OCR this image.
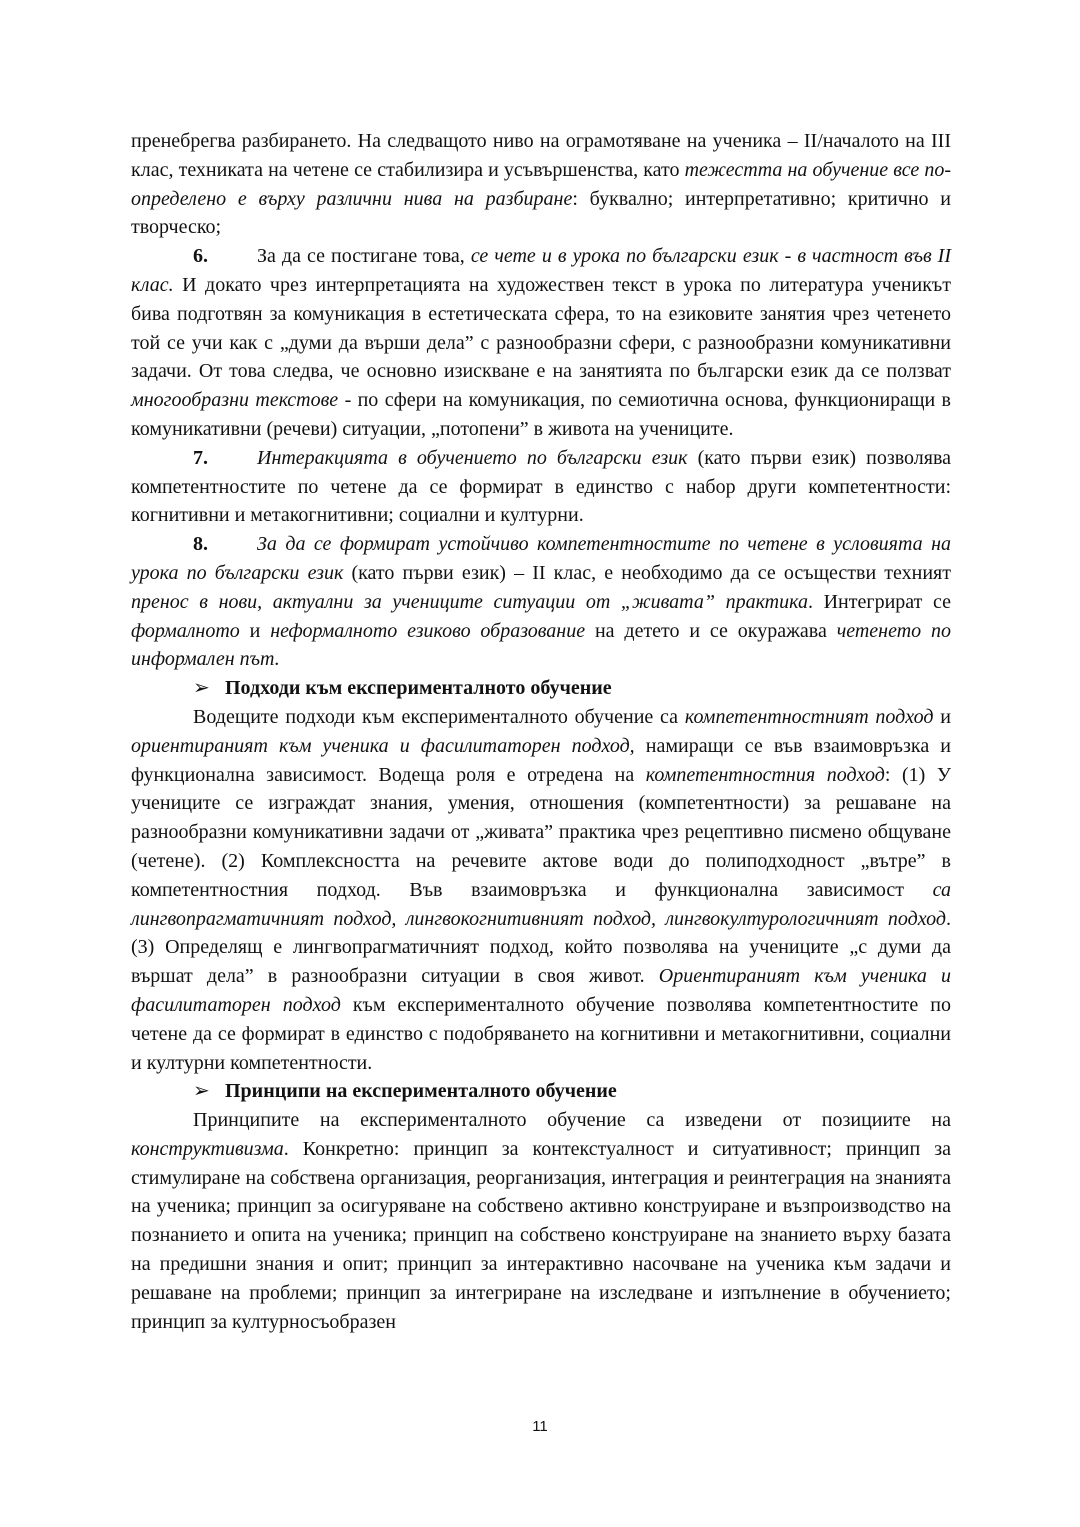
пренебрегва разбирането. На следващото ниво на ограмотяване на ученика – II/началото на III клас, техниката на четене се стабилизира и усъвършенства, като тежестта на обучение все по-определено е върху различни нива на разбиране: буквално; интерпретативно; критично и творческо;

6. За да се постигане това, се чете и в урока по български език - в частност във II клас. И докато чрез интерпретацията на художествен текст в урока по литература ученикът бива подготвян за комуникация в естетическата сфера, то на езиковите занятия чрез четенето той се учи как с „думи да върши дела” с разнообразни сфери, с разнообразни комуникативни задачи. От това следва, че основно изискване е на занятията по български език да се ползват многообразни текстове - по сфери на комуникация, по семиотична основа, функциониращи в комуникативни (речеви) ситуации, „потопени” в живота на учениците.

7. Интеракцията в обучението по български език (като първи език) позволява компетентностите по четене да се формират в единство с набор други компетентности: когнитивни и метакогнитивни; социални и културни.

8. За да се формират устойчиво компетентностите по четене в условията на урока по български език (като първи език) – II клас, е необходимо да се осъществи техният пренос в нови, актуални за учениците ситуации от „живата” практика. Интегрират се формалното и неформалното езиково образование на детето и се окуражава четенето по информален път.

➢ Подходи към експерименталното обучение

Водещите подходи към експерименталното обучение са компетентностният подход и ориентираният към ученика и фасилитаторен подход, намиращи се във взаимовръзка и функционална зависимост. Водеща роля е отредена на компетентностния подход: (1) У учениците се изграждат знания, умения, отношения (компетентности) за решаване на разнообразни комуникативни задачи от „живата” практика чрез рецептивно писмено общуване (четене). (2) Комплексността на речевите актове води до полиподходност „вътре” в компетентностния подход. Във взаимовръзка и функционална зависимост са лингвопрагматичният подход, лингвокогнитивният подход, лингвокултурологичният подход. (3) Определящ е лингвопрагматичният подход, който позволява на учениците „с думи да вършат дела” в разнообразни ситуации в своя живот. Ориентираният към ученика и фасилитаторен подход към експерименталното обучение позволява компетентностите по четене да се формират в единство с подобряването на когнитивни и метакогнитивни, социални и културни компетентности.

➢ Принципи на експерименталното обучение

Принципите на експерименталното обучение са изведени от позициите на конструктивизма. Конкретно: принцип за контекстуалност и ситуативност; принцип за стимулиране на собствена организация, реорганизация, интеграция и реинтеграция на знанията на ученика; принцип за осигуряване на собствено активно конструиране и възпроизводство на познанието и опита на ученика; принцип на собствено конструиране на знанието върху базата на предишни знания и опит; принцип за интерактивно насочване на ученика към задачи и решаване на проблеми; принцип за интегриране на изследване и изпълнение в обучението; принцип за културносъобразен

11
